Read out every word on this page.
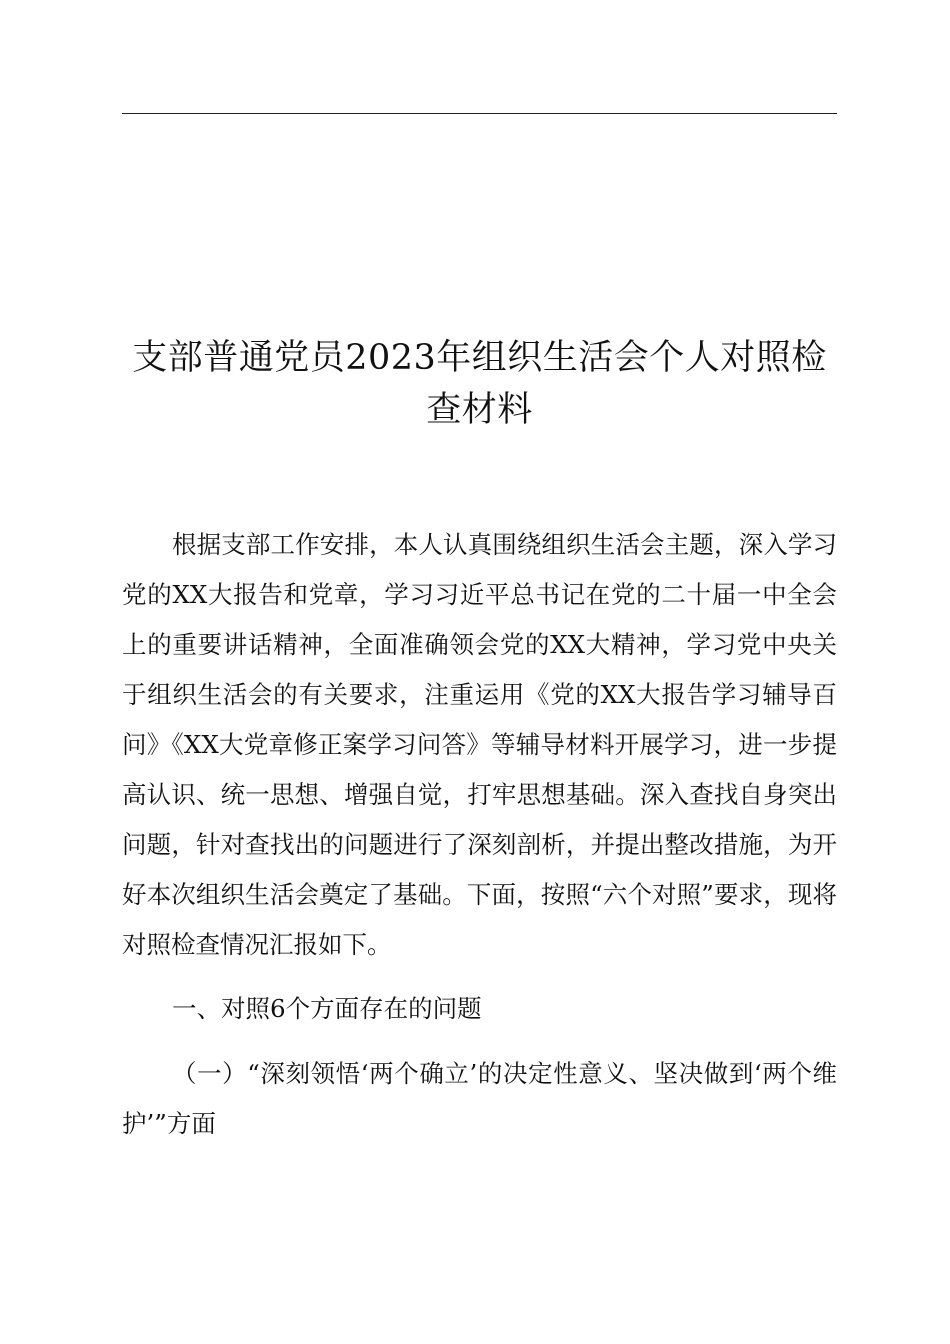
支部普通党员2023年组织生活会个人对照检查材料

根据支部工作安排，本人认真围绕组织生活会主题，深入学习党的XX大报告和党章，学习习近平总书记在党的二十届一中全会上的重要讲话精神，全面准确领会党的XX大精神，学习党中央关于组织生活会的有关要求，注重运用《党的XX大报告学习辅导百问》《XX大党章修正案学习问答》等辅导材料开展学习，进一步提高认识、统一思想、增强自觉，打牢思想基础。深入查找自身突出问题，针对查找出的问题进行了深刻剖析，并提出整改措施，为开好本次组织生活会奠定了基础。下面，按照“六个对照”要求，现将对照检查情况汇报如下。

一、对照6个方面存在的问题

（一）“深刻领悟‘两个确立’的决定性意义、坚决做到‘两个维护’”方面
